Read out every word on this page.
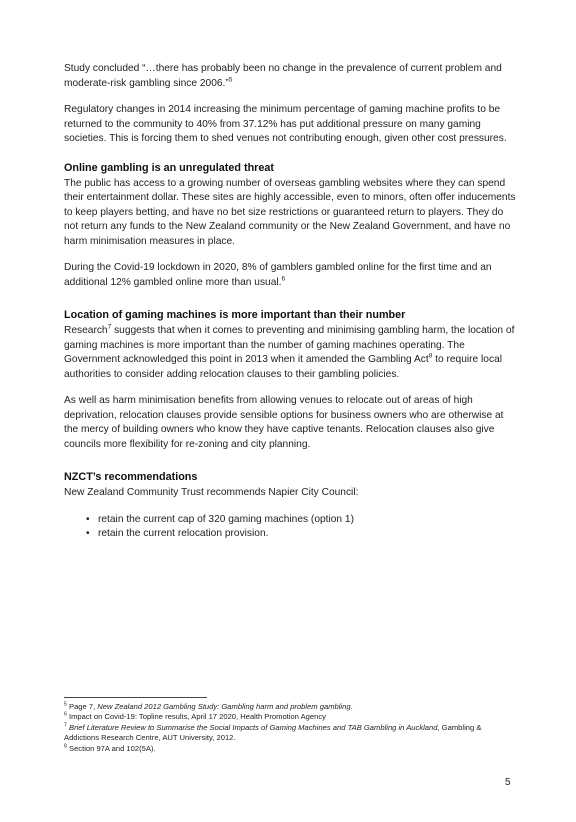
Study concluded “…there has probably been no change in the prevalence of current problem and moderate-risk gambling since 2006.”$^5$

Regulatory changes in 2014 increasing the minimum percentage of gaming machine profits to be returned to the community to 40% from 37.12% has put additional pressure on many gaming societies. This is forcing them to shed venues not contributing enough, given other cost pressures.

Online gambling is an unregulated threat

The public has access to a growing number of overseas gambling websites where they can spend their entertainment dollar. These sites are highly accessible, even to minors, often offer inducements to keep players betting, and have no bet size restrictions or guaranteed return to players. They do not return any funds to the New Zealand community or the New Zealand Government, and have no harm minimisation measures in place.

During the Covid-19 lockdown in 2020, 8% of gamblers gambled online for the first time and an additional 12% gambled online more than usual.$^6$

Location of gaming machines is more important than their number

Research$^7$ suggests that when it comes to preventing and minimising gambling harm, the location of gaming machines is more important than the number of gaming machines operating. The Government acknowledged this point in 2013 when it amended the Gambling Act$^8$ to require local authorities to consider adding relocation clauses to their gambling policies.

As well as harm minimisation benefits from allowing venues to relocate out of areas of high deprivation, relocation clauses provide sensible options for business owners who are otherwise at the mercy of building owners who know they have captive tenants. Relocation clauses also give councils more flexibility for re-zoning and city planning.

NZCT’s recommendations

New Zealand Community Trust recommends Napier City Council:

• retain the current cap of 320 gaming machines (option 1)
• retain the current relocation provision.

$^5$ Page 7, New Zealand 2012 Gambling Study: Gambling harm and problem gambling.

$^6$ Impact on Covid-19: Topline results, April 17 2020, Health Promotion Agency

$^7$ Brief Literature Review to Summarise the Social Impacts of Gaming Machines and TAB Gambling in Auckland, Gambling & Addictions Research Centre, AUT University, 2012.

$^8$ Section 97A and 102(5A).

5
